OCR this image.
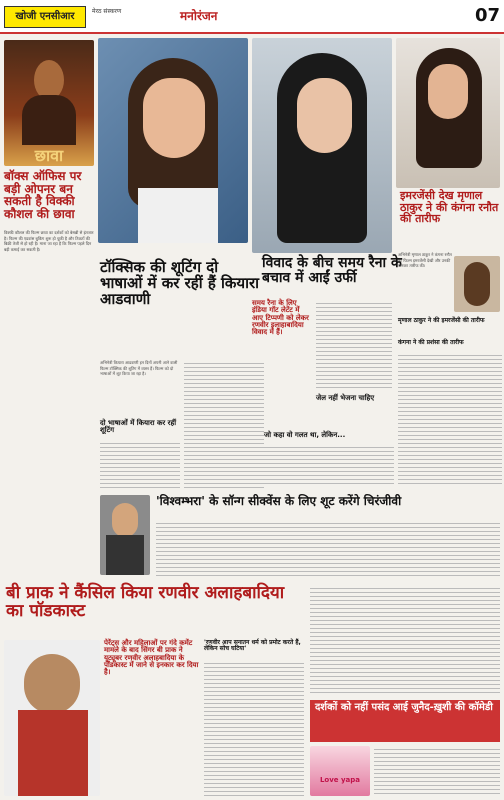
खोजी एनसीआर	मेरठ संस्करण	मनोरंजन	07
छावा
बॉक्स ऑफिस पर बड़ी ओपनर बन सकती है विक्की कौशल की छावा
विक्की कौशल की फिल्म छावा का दर्शकों को बेसब्री से इंतजार है। फिल्म की एडवांस बुकिंग शुरू हो चुकी है और टिकटों की बिक्री तेजी से हो रही है। माना जा रहा है कि फिल्म पहले दिन बड़ी कमाई कर सकती है।
टॉक्सिक की शूटिंग दो भाषाओं में कर रहीं हैं कियारा आडवाणी
अभिनेत्री कियारा आडवाणी इन दिनों अपनी आने वाली फिल्म टॉक्सिक की शूटिंग में व्यस्त हैं। फिल्म को दो भाषाओं में शूट किया जा रहा है।
दो भाषाओं में कियारा कर रहीं शूटिंग
विवाद के बीच समय रैना के बचाव में आईं उर्फी
समय रैना के लिए इंडिया गॉट लेटेंट में आए टिप्पणी को लेकर रणवीर इलाहाबादिया विवाद में हैं।
जेल नहीं भेजना चाहिए
जो कहा वो गलत था, लेकिन...
इमरजेंसी देख मृणाल ठाकुर ने की कंगना रनौत की तारीफ
अभिनेत्री मृणाल ठाकुर ने कंगना रनौत की फिल्म इमरजेंसी देखी और उनकी जमकर तारीफ की।
मृणाल ठाकुर ने की इमरजेंसी की तारीफ
कंगना ने की प्रशंसा की तारीफ
'विश्वम्भरा' के सॉन्ग सीक्वेंस के लिए शूट करेंगे चिरंजीवी
बी प्राक ने कैंसिल किया रणवीर अलाहबादिया का पॉडकास्ट
पेरेंट्स और महिलाओं पर गंदे कमेंट मामले के बाद सिंगर बी प्राक ने यूट्यूबर रणवीर अलाहबादिया के पॉडकास्ट में जाने से इनकार कर दिया है।
'रणवीर आप सनातन धर्म को प्रमोट करते हैं, लेकिन सोच घटिया'
दर्शकों को नहीं पसंद आई जुनैद-ख़ुशी की कॉमेडी
Love yapa
